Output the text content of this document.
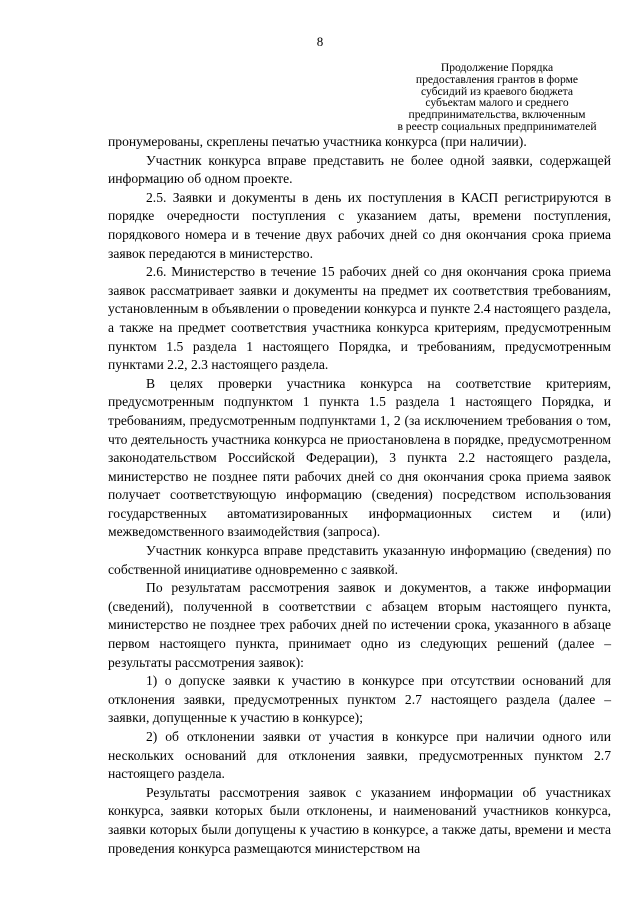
8
Продолжение Порядка
предоставления грантов в форме
субсидий из краевого бюджета
субъектам малого и среднего
предпринимательства, включенным
в реестр социальных предпринимателей

пронумерованы, скреплены печатью участника конкурса (при наличии).

Участник конкурса вправе представить не более одной заявки, содержащей информацию об одном проекте.

2.5. Заявки и документы в день их поступления в КАСП регистрируются в порядке очередности поступления с указанием даты, времени поступления, порядкового номера и в течение двух рабочих дней со дня окончания срока приема заявок передаются в министерство.

2.6. Министерство в течение 15 рабочих дней со дня окончания срока приема заявок рассматривает заявки и документы на предмет их соответствия требованиям, установленным в объявлении о проведении конкурса и пункте 2.4 настоящего раздела, а также на предмет соответствия участника конкурса критериям, предусмотренным пунктом 1.5 раздела 1 настоящего Порядка, и требованиям, предусмотренным пунктами 2.2, 2.3 настоящего раздела.

В целях проверки участника конкурса на соответствие критериям, предусмотренным подпунктом 1 пункта 1.5 раздела 1 настоящего Порядка, и требованиям, предусмотренным подпунктами 1, 2 (за исключением требования о том, что деятельность участника конкурса не приостановлена в порядке, предусмотренном законодательством Российской Федерации), 3 пункта 2.2 настоящего раздела, министерство не позднее пяти рабочих дней со дня окончания срока приема заявок получает соответствующую информацию (сведения) посредством использования государственных автоматизированных информационных систем и (или) межведомственного взаимодействия (запроса).

Участник конкурса вправе представить указанную информацию (сведения) по собственной инициативе одновременно с заявкой.

По результатам рассмотрения заявок и документов, а также информации (сведений), полученной в соответствии с абзацем вторым настоящего пункта, министерство не позднее трех рабочих дней по истечении срока, указанного в абзаце первом настоящего пункта, принимает одно из следующих решений (далее – результаты рассмотрения заявок):

1) о допуске заявки к участию в конкурсе при отсутствии оснований для отклонения заявки, предусмотренных пунктом 2.7 настоящего раздела (далее – заявки, допущенные к участию в конкурсе);

2) об отклонении заявки от участия в конкурсе при наличии одного или нескольких оснований для отклонения заявки, предусмотренных пунктом 2.7 настоящего раздела.

Результаты рассмотрения заявок с указанием информации об участниках конкурса, заявки которых были отклонены, и наименований участников конкурса, заявки которых были допущены к участию в конкурсе, а также даты, времени и места проведения конкурса размещаются министерством на
